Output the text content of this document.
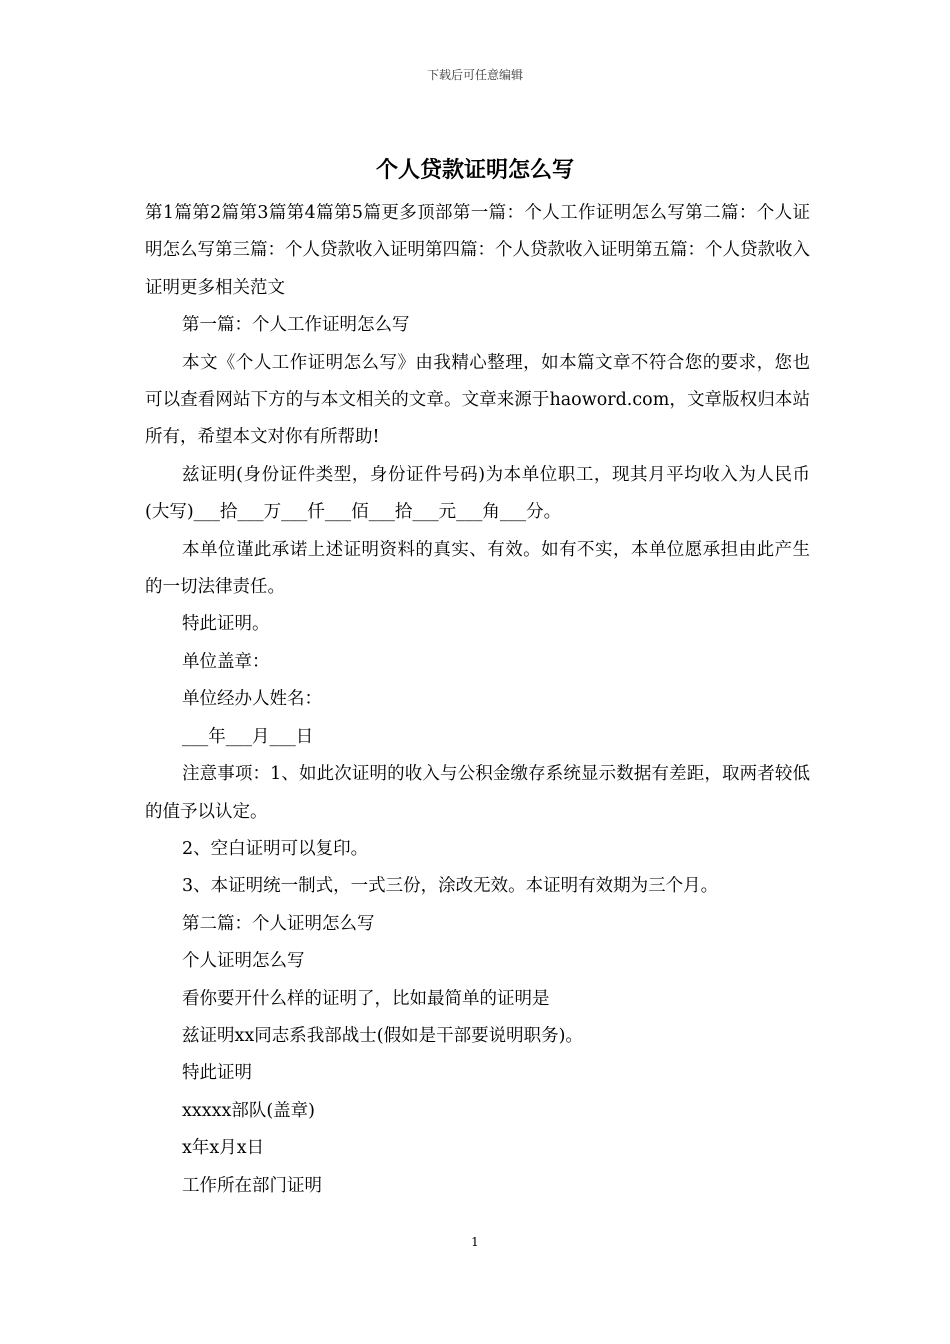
下载后可任意编辑
个人贷款证明怎么写

第1篇第2篇第3篇第4篇第5篇更多顶部第一篇：个人工作证明怎么写第二篇：个人证明怎么写第三篇：个人贷款收入证明第四篇：个人贷款收入证明第五篇：个人贷款收入证明更多相关范文

第一篇：个人工作证明怎么写

本文《个人工作证明怎么写》由我精心整理，如本篇文章不符合您的要求，您也可以查看网站下方的与本文相关的文章。文章来源于haoword.com，文章版权归本站所有，希望本文对你有所帮助!

兹证明(身份证件类型，身份证件号码)为本单位职工，现其月平均收入为人民币(大写)___拾___万___仟___佰___拾___元___角___分。

本单位谨此承诺上述证明资料的真实、有效。如有不实，本单位愿承担由此产生的一切法律责任。

特此证明。

单位盖章：

单位经办人姓名：

___年___月___日

注意事项：1、如此次证明的收入与公积金缴存系统显示数据有差距，取两者较低的值予以认定。

2、空白证明可以复印。

3、本证明统一制式，一式三份，涂改无效。本证明有效期为三个月。

第二篇：个人证明怎么写

个人证明怎么写

看你要开什么样的证明了，比如最简单的证明是

兹证明xx同志系我部战士(假如是干部要说明职务)。

特此证明

xxxxx部队(盖章)

x年x月x日

工作所在部门证明

1
